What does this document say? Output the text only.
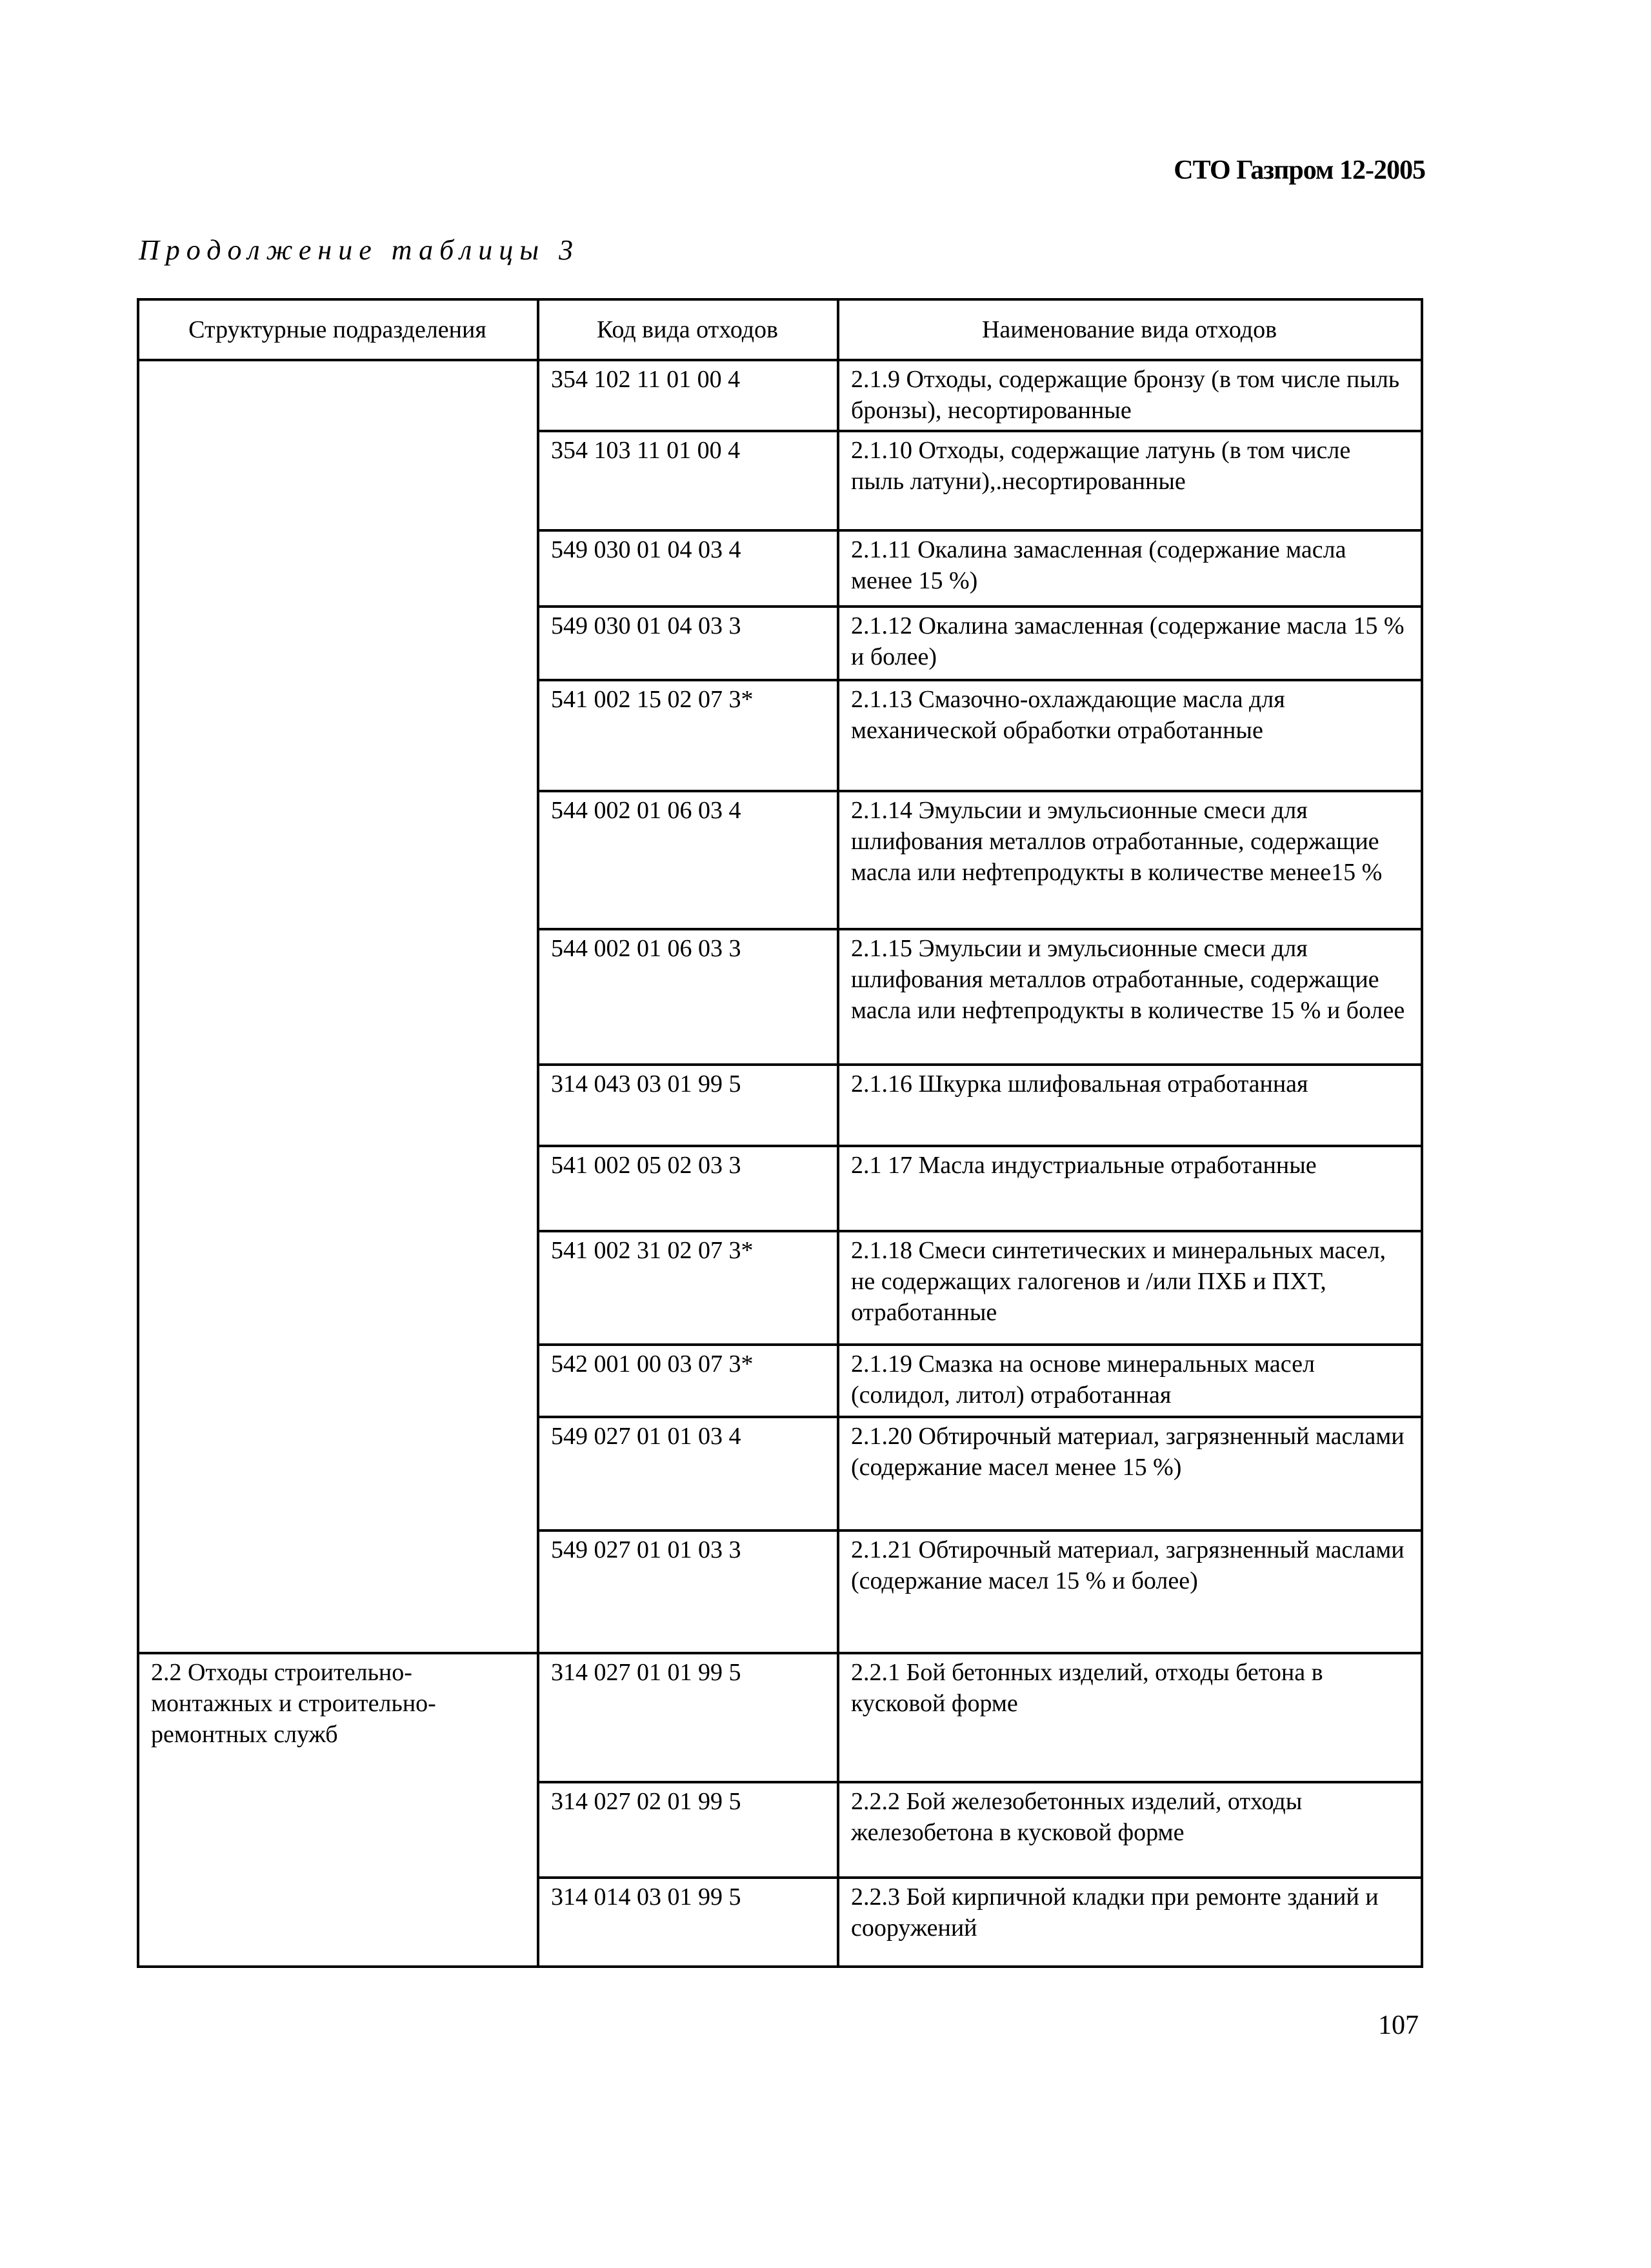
СТО Газпром 12-2005
Продолжение таблицы 3
Структурные подразделения	Код вида отходов	Наименование вида отходов
	354 102 11 01 00 4	2.1.9 Отходы, содержащие бронзу (в том числе пыль бронзы), несортированные
	354 103 11 01 00 4	2.1.10 Отходы, содержащие латунь (в том числе пыль латуни),.несортированные
	549 030 01 04 03 4	2.1.11 Окалина замасленная (содержание масла менее 15 %)
	549 030 01 04 03 3	2.1.12 Окалина замасленная (содержание масла 15 % и более)
	541 002 15 02 07 3*	2.1.13 Смазочно-охлаждающие масла для механической обработки отработанные
	544 002 01 06 03 4	2.1.14 Эмульсии и эмульсионные смеси для шлифования металлов отработанные, содержащие масла или нефтепродукты в количестве менее15 %
	544 002 01 06 03 3	2.1.15 Эмульсии и эмульсионные смеси для шлифования металлов отработанные, содержащие масла или нефтепродукты в количестве 15 % и более
	314 043 03 01 99 5	2.1.16 Шкурка шлифовальная отработанная
	541 002 05 02 03 3	2.1 17 Масла индустриальные отработанные
	541 002 31 02 07 3*	2.1.18 Смеси синтетических и минеральных масел, не содержащих галогенов и /или ПХБ и ПХТ, отработанные
	542 001 00 03 07 3*	2.1.19 Смазка на основе минеральных масел (солидол, литол) отработанная
	549 027 01 01 03 4	2.1.20 Обтирочный материал, загрязненный маслами (содержание масел менее 15 %)
	549 027 01 01 03 3	2.1.21 Обтирочный материал, загрязненный маслами (содержание масел 15 % и более)
2.2 Отходы строительно-монтажных и строительно-ремонтных служб	314 027 01 01 99 5	2.2.1 Бой бетонных изделий, отходы бетона в кусковой форме
	314 027 02 01 99 5	2.2.2 Бой железобетонных изделий, отходы железобетона в кусковой форме
	314 014 03 01 99 5	2.2.3 Бой кирпичной кладки при ремонте зданий и сооружений
107
